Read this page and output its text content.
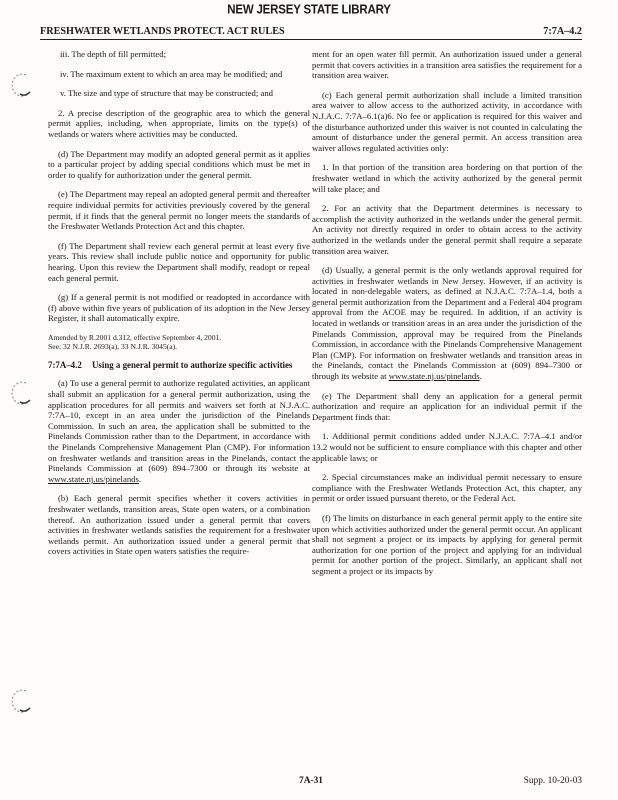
NEW JERSEY STATE LIBRARY
FRESHWATER WETLANDS PROTECT. ACT RULES	7:7A–4.2

iii. The depth of fill permitted;

iv. The maximum extent to which an area may be modified; and

v. The size and type of structure that may be constructed; and

2. A precise description of the geographic area to which the general permit applies, including, when appropriate, limits on the type(s) of wetlands or waters where activities may be conducted.

(d) The Department may modify an adopted general permit as it applies to a particular project by adding special conditions which must be met in order to qualify for authorization under the general permit.

(e) The Department may repeal an adopted general permit and thereafter require individual permits for activities previously covered by the general permit, if it finds that the general permit no longer meets the standards of the Freshwater Wetlands Protection Act and this chapter.

(f) The Department shall review each general permit at least every five years. This review shall include public notice and opportunity for public hearing. Upon this review the Department shall modify, readopt or repeal each general permit.

(g) If a general permit is not modified or readopted in accordance with (f) above within five years of publication of its adoption in the New Jersey Register, it shall automatically expire.

Amended by R.2001 d.312, effective September 4, 2001.
See: 32 N.J.R. 2693(a), 33 N.J.R. 3045(a).

7:7A–4.2	Using a general permit to authorize specific activities

(a) To use a general permit to authorize regulated activities, an applicant shall submit an application for a general permit authorization, using the application procedures for all permits and waivers set forth at N.J.A.C. 7:7A–10, except in an area under the jurisdiction of the Pinelands Commission. In such an area, the application shall be submitted to the Pinelands Commission rather than to the Department, in accordance with the Pinelands Comprehensive Management Plan (CMP). For information on freshwater wetlands and transition areas in the Pinelands, contact the Pinelands Commission at (609) 894–7300 or through its website at www.state.nj.us/pinelands.

(b) Each general permit specifies whether it covers activities in freshwater wetlands, transition areas, State open waters, or a combination thereof. An authorization issued under a general permit that covers activities in freshwater wetlands satisfies the requirement for a freshwater wetlands permit. An authorization issued under a general permit that covers activities in State open waters satisfies the require-

ment for an open water fill permit. An authorization issued under a general permit that covers activities in a transition area satisfies the requirement for a transition area waiver.

(c) Each general permit authorization shall include a limited transition area waiver to allow access to the authorized activity, in accordance with N.J.A.C. 7:7A–6.1(a)6. No fee or application is required for this waiver and the disturbance authorized under this waiver is not counted in calculating the amount of disturbance under the general permit. An access transition area waiver allows regulated activities only:

1. In that portion of the transition area bordering on that portion of the freshwater wetland in which the activity authorized by the general permit will take place; and

2. For an activity that the Department determines is necessary to accomplish the activity authorized in the wetlands under the general permit. An activity not directly required in order to obtain access to the activity authorized in the wetlands under the general permit shall require a separate transition area waiver.

(d) Usually, a general permit is the only wetlands approval required for activities in freshwater wetlands in New Jersey. However, if an activity is located in non-delegable waters, as defined at N.J.A.C. 7:7A–1.4, both a general permit authorization from the Department and a Federal 404 program approval from the ACOE may be required. In addition, if an activity is located in wetlands or transition areas in an area under the jurisdiction of the Pinelands Commission, approval may be required from the Pinelands Commission, in accordance with the Pinelands Comprehensive Management Plan (CMP). For information on freshwater wetlands and transition areas in the Pinelands, contact the Pinelands Commission at (609) 894–7300 or through its website at www.state.nj.us/pinelands.

(e) The Department shall deny an application for a general permit authorization and require an application for an individual permit if the Department finds that:

1. Additional permit conditions added under N.J.A.C. 7:7A–4.1 and/or 13.2 would not be sufficient to ensure compliance with this chapter and other applicable laws; or

2. Special circumstances make an individual permit necessary to ensure compliance with the Freshwater Wetlands Protection Act, this chapter, any permit or order issued pursuant thereto, or the Federal Act.

(f) The limits on disturbance in each general permit apply to the entire site upon which activities authorized under the general permit occur. An applicant shall not segment a project or its impacts by applying for general permit authorization for one portion of the project and applying for an individual permit for another portion of the project. Similarly, an applicant shall not segment a project or its impacts by

7A-31	Supp. 10-20-03
